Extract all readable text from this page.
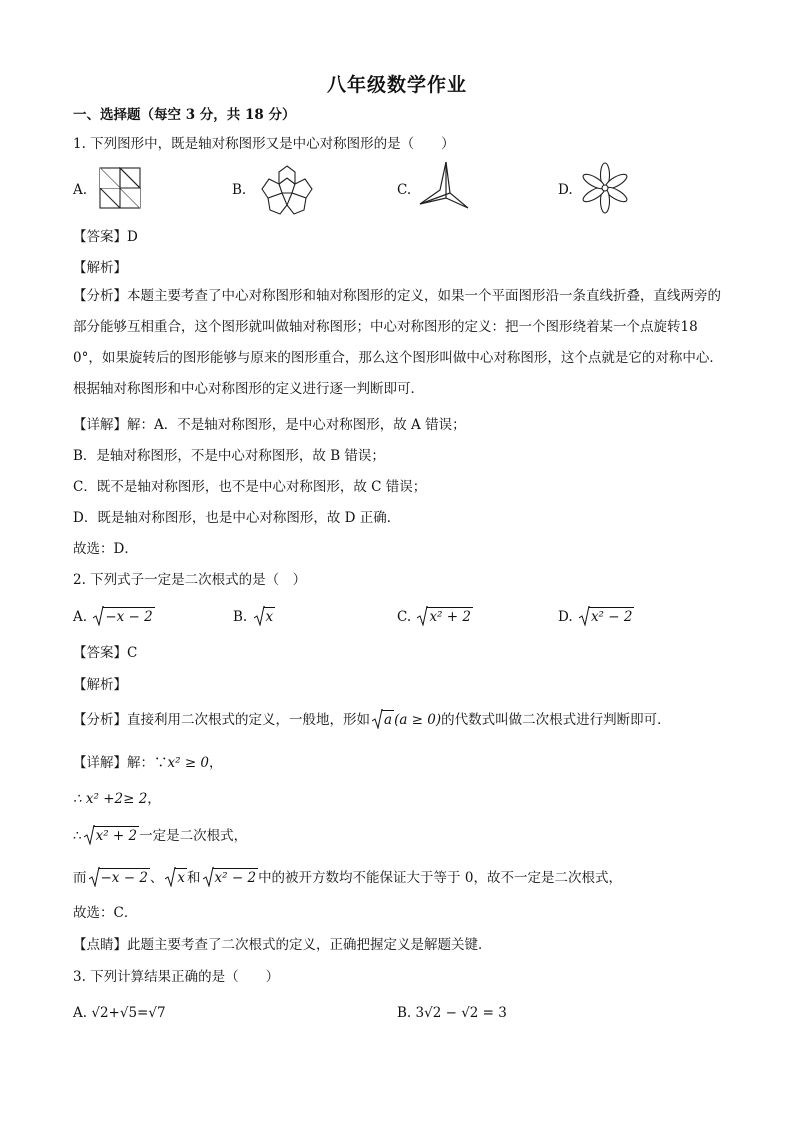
八年级数学作业
一、选择题（每空 3 分，共 18 分）
1. 下列图形中，既是轴对称图形又是中心对称图形的是（　　）
A.	B.	C.	D.
【答案】D
【解析】
【分析】本题主要考查了中心对称图形和轴对称图形的定义，如果一个平面图形沿一条直线折叠，直线两旁的部分能够互相重合，这个图形就叫做轴对称图形；中心对称图形的定义：把一个图形绕着某一个点旋转180°，如果旋转后的图形能够与原来的图形重合，那么这个图形叫做中心对称图形，这个点就是它的对称中心．根据轴对称图形和中心对称图形的定义进行逐一判断即可．
【详解】解：A．不是轴对称图形，是中心对称图形，故 A 错误；
B．是轴对称图形，不是中心对称图形，故 B 错误；
C．既不是轴对称图形，也不是中心对称图形，故 C 错误；
D．既是轴对称图形，也是中心对称图形，故 D 正确．
故选：D．
2. 下列式子一定是二次根式的是（　）
A. −x − 2	B. x	C. x² + 2	D. x² − 2
【答案】C
【解析】
【分析】直接利用二次根式的定义，一般地，形如 a (a ≥ 0)的代数式叫做二次根式进行判断即可．
【详解】解：∵x² ≥ 0，
∴ x² +2≥ 2，
∴ x² + 2 一定是二次根式，
而 −x − 2 、 x 和 x² − 2 中的被开方数均不能保证大于等于 0，故不一定是二次根式，
故选：C．
【点睛】此题主要考查了二次根式的定义，正确把握定义是解题关键．
3. 下列计算结果正确的是（　　）
A. √2+√5=√7	B. 3√2 − √2 = 3
